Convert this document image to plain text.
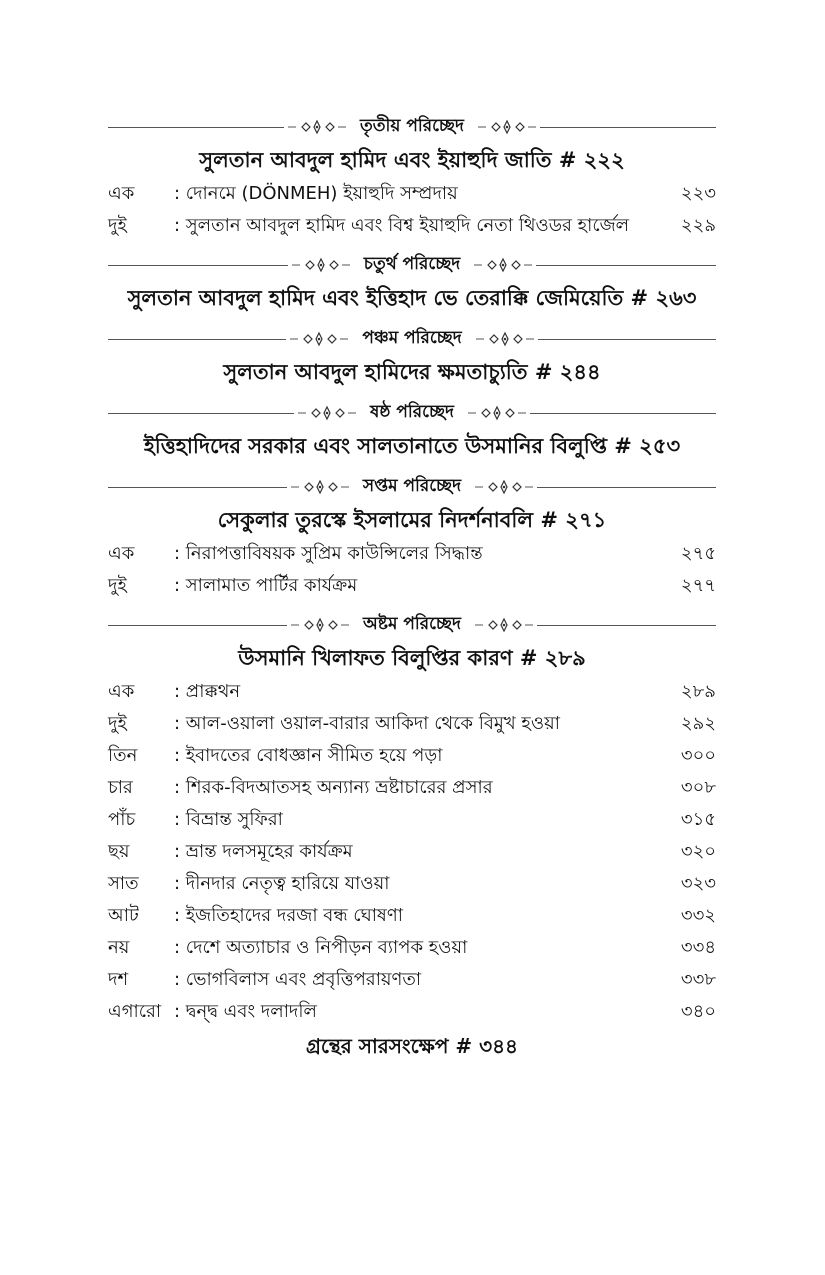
তৃতীয় পরিচ্ছেদ
সুলতান আবদুল হামিদ এবং ইয়াহুদি জাতি # ২২২
এক	: দোনমে (DÖNMEH) ইয়াহুদি সম্প্রদায়	২২৩
দুই	: সুলতান আবদুল হামিদ এবং বিশ্ব ইয়াহুদি নেতা থিওডর হার্জেল	২২৯
চতুর্থ পরিচ্ছেদ
সুলতান আবদুল হামিদ এবং ইত্তিহাদ ভে তেরাক্কি জেমিয়েতি # ২৬৩
পঞ্চম পরিচ্ছেদ
সুলতান আবদুল হামিদের ক্ষমতাচ্যুতি # ২৪৪
ষষ্ঠ পরিচ্ছেদ
ইত্তিহাদিদের সরকার এবং সালতানাতে উসমানির বিলুপ্তি # ২৫৩
সপ্তম পরিচ্ছেদ
সেকুলার তুরস্কে ইসলামের নিদর্শনাবলি # ২৭১
এক	: নিরাপত্তাবিষয়ক সুপ্রিম কাউন্সিলের সিদ্ধান্ত	২৭৫
দুই	: সালামাত পার্টির কার্যক্রম	২৭৭
অষ্টম পরিচ্ছেদ
উসমানি খিলাফত বিলুপ্তির কারণ # ২৮৯
এক	: প্রাক্কথন	২৮৯
দুই	: আল-ওয়ালা ওয়াল-বারার আকিদা থেকে বিমুখ হওয়া	২৯২
তিন	: ইবাদতের বোধজ্ঞান সীমিত হয়ে পড়া	৩০০
চার	: শিরক-বিদআতসহ অন্যান্য ভ্রষ্টাচারের প্রসার	৩০৮
পাঁচ	: বিভ্রান্ত সুফিরা	৩১৫
ছয়	: ভ্রান্ত দলসমূহের কার্যক্রম	৩২০
সাত	: দীনদার নেতৃত্ব হারিয়ে যাওয়া	৩২৩
আট	: ইজতিহাদের দরজা বন্ধ ঘোষণা	৩৩২
নয়	: দেশে অত্যাচার ও নিপীড়ন ব্যাপক হওয়া	৩৩৪
দশ	: ভোগবিলাস এবং প্রবৃত্তিপরায়ণতা	৩৩৮
এগারো : দ্বন্দ্ব এবং দলাদলি	৩৪০
গ্রন্থের সারসংক্ষেপ # ৩৪৪
